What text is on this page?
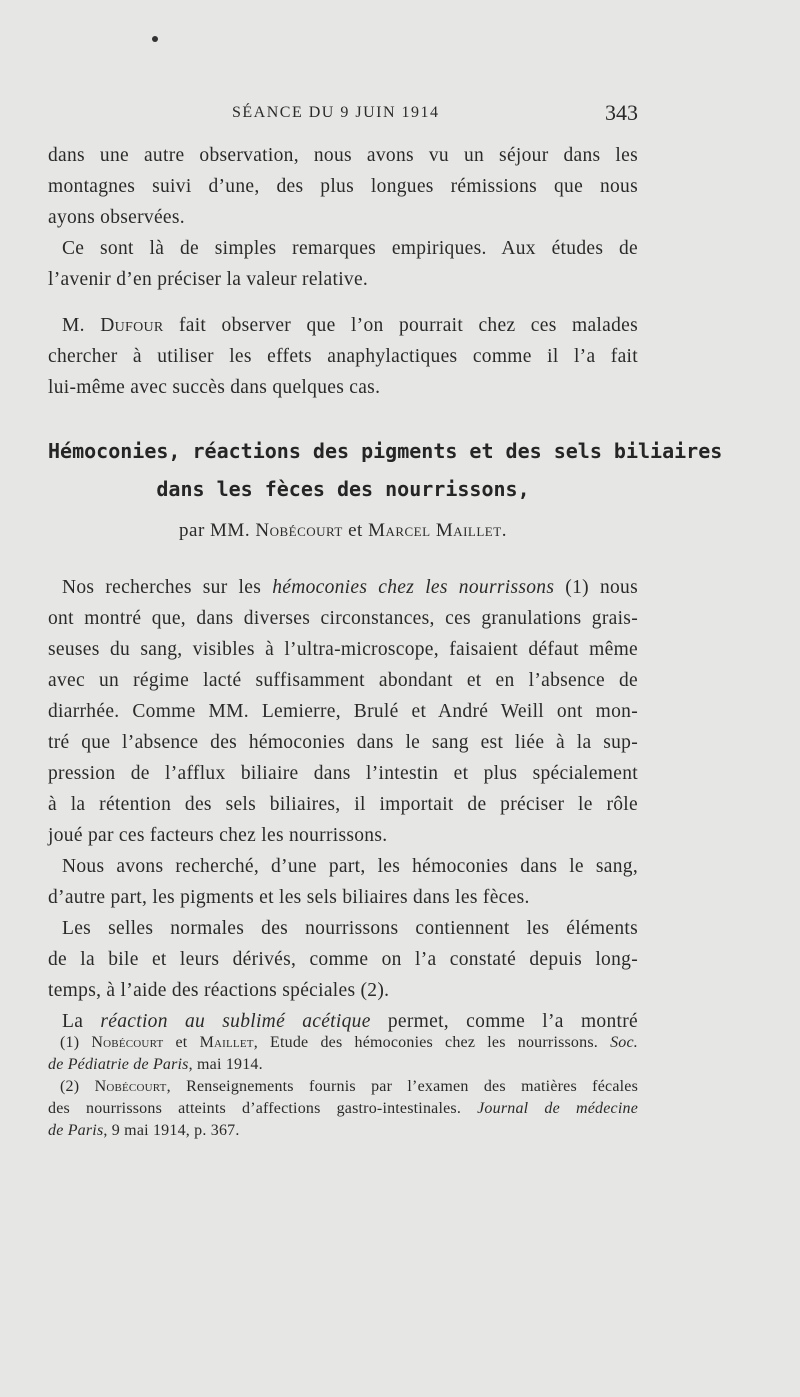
SÉANCE DU 9 JUIN 1914	343
dans une autre observation, nous avons vu un séjour dans les
montagnes suivi d’une, des plus longues rémissions que nous
ayons observées.
Ce sont là de simples remarques empiriques. Aux études de
l’avenir d’en préciser la valeur relative.
M. Dufour fait observer que l’on pourrait chez ces malades
chercher à utiliser les effets anaphylactiques comme il l’a fait
lui-même avec succès dans quelques cas.
Hémoconies, réactions des pigments et des sels biliaires
dans les fèces des nourrissons,
par MM. Nobécourt et Marcel Maillet.
Nos recherches sur les hémoconies chez les nourrissons (1) nous
ont montré que, dans diverses circonstances, ces granulations grais-
seuses du sang, visibles à l’ultra-microscope, faisaient défaut même
avec un régime lacté suffisamment abondant et en l’absence de
diarrhée. Comme MM. Lemierre, Brulé et André Weill ont mon-
tré que l’absence des hémoconies dans le sang est liée à la sup-
pression de l’afflux biliaire dans l’intestin et plus spécialement
à la rétention des sels biliaires, il importait de préciser le rôle
joué par ces facteurs chez les nourrissons.
Nous avons recherché, d’une part, les hémoconies dans le sang,
d’autre part, les pigments et les sels biliaires dans les fèces.
Les selles normales des nourrissons contiennent les éléments
de la bile et leurs dérivés, comme on l’a constaté depuis long-
temps, à l’aide des réactions spéciales (2).
La réaction au sublimé acétique permet, comme l’a montré
(1) Nobécourt et Maillet, Etude des hémoconies chez les nourrissons. Soc.
de Pédiatrie de Paris, mai 1914.
(2) Nobécourt, Renseignements fournis par l’examen des matières fécales
des nourrissons atteints d’affections gastro-intestinales. Journal de médecine
de Paris, 9 mai 1914, p. 367.
